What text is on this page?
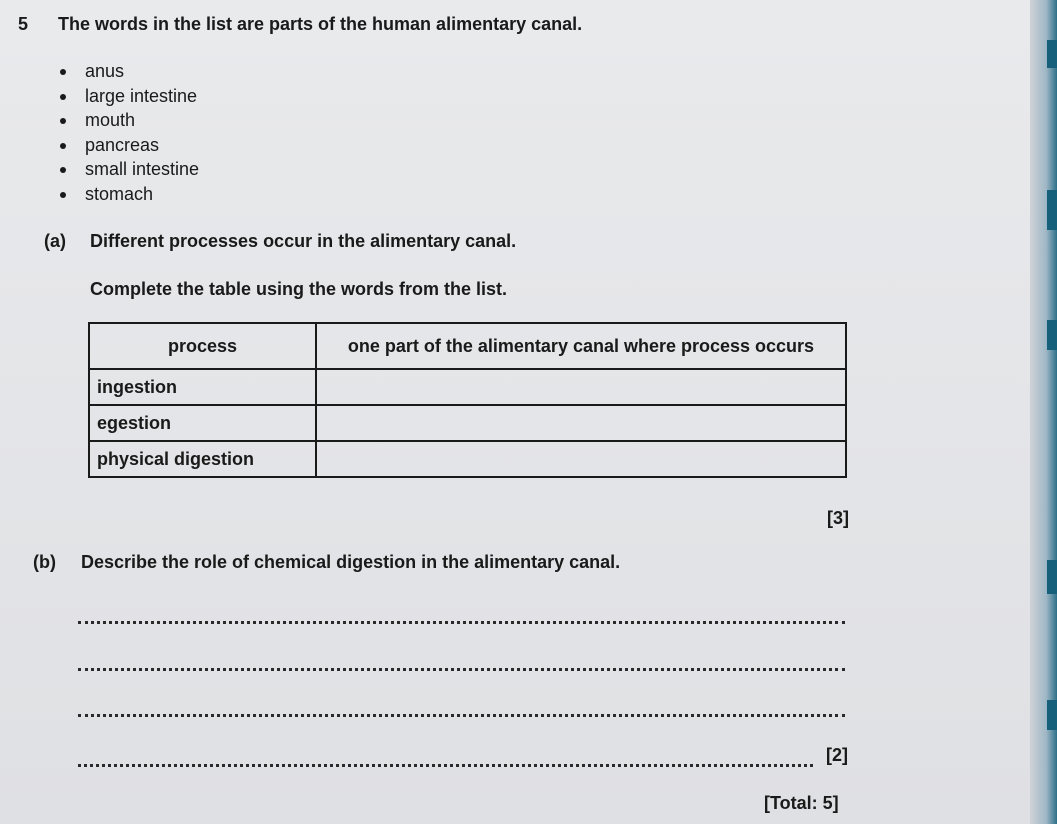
5 The words in the list are parts of the human alimentary canal.
anus
large intestine
mouth
pancreas
small intestine
stomach
(a) Different processes occur in the alimentary canal.
Complete the table using the words from the list.
process	one part of the alimentary canal where process occurs
ingestion	
egestion	
physical digestion	
[3]
(b) Describe the role of chemical digestion in the alimentary canal.
[2]
[Total: 5]
